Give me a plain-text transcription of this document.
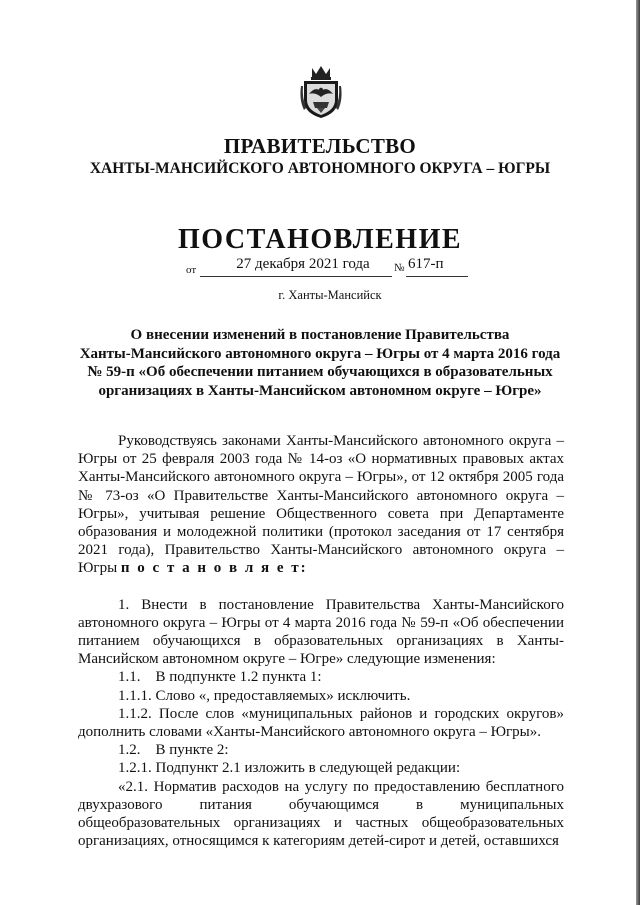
ПРАВИТЕЛЬСТВО
ХАНТЫ-МАНСИЙСКОГО АВТОНОМНОГО ОКРУГА – ЮГРЫ
ПОСТАНОВЛЕНИЕ
от	27 декабря 2021 года	№ 617-п
г. Ханты-Мансийск
О внесении изменений в постановление Правительства
Ханты-Мансийского автономного округа – Югры от 4 марта 2016 года
№ 59-п «Об обеспечении питанием обучающихся в образовательных
организациях в Ханты-Мансийском автономном округе – Югре»

Руководствуясь законами Ханты-Мансийского автономного округа – Югры от 25 февраля 2003 года № 14-оз «О нормативных правовых актах Ханты-Мансийского автономного округа – Югры», от 12 октября 2005 года № 73-оз «О Правительстве Ханты-Мансийского автономного округа – Югры», учитывая решение Общественного совета при Департаменте образования и молодежной политики (протокол заседания от 17 сентября 2021 года), Правительство Ханты-Мансийского автономного округа – Югры п о с т а н о в л я е т:

1. Внести в постановление Правительства Ханты-Мансийского автономного округа – Югры от 4 марта 2016 года № 59-п «Об обеспечении питанием обучающихся в образовательных организациях в Ханты-Мансийском автономном округе – Югре» следующие изменения:

1.1.    В подпункте 1.2 пункта 1:

1.1.1. Слово «, предоставляемых» исключить.

1.1.2. После слов «муниципальных районов и городских округов» дополнить словами «Ханты-Мансийского автономного округа – Югры».

1.2.    В пункте 2:

1.2.1. Подпункт 2.1 изложить в следующей редакции:

«2.1. Норматив расходов на услугу по предоставлению бесплатного двухразового питания обучающимся в муниципальных общеобразовательных организациях и частных общеобразовательных организациях, относящимся к категориям детей-сирот и детей, оставшихся
